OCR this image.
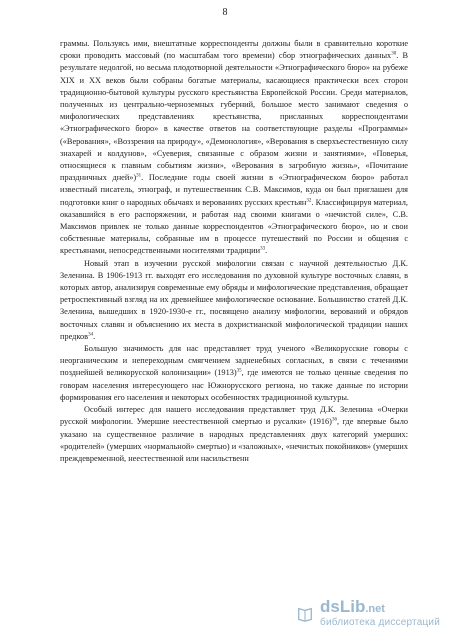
8

граммы. Пользуясь ими, внештатные корреспонденты должны были в сравнительно короткие сроки проводить массовый (по масштабам того времени) сбор этнографических данных$^{30}$. В результате недолгой, но весьма плодотворной деятельности «Этнографического бюро» на рубеже XIX и XX веков были собраны богатые материалы, касающиеся практически всех сторон традиционно-бытовой культуры русского крестьянства Европейской России. Среди материалов, полученных из центрально-черноземных губерний, большое место занимают сведения о мифологических представлениях крестьянства, присланных корреспондентами «Этнографического бюро» в качестве ответов на соответствующие разделы «Программы» («Верования», «Воззрения на природу», «Демонология», «Верования в сверхъестественную силу знахарей и колдунов», «Суеверия, связанные с образом жизни и занятиями», «Поверья, относящиеся к главным событиям жизни», «Верования в загробную жизнь», «Почитание праздничных дней»)$^{31}$. Последние годы своей жизни в «Этнографическом бюро» работал известный писатель, этнограф, и путешественник С.В. Максимов, куда он был приглашен для подготовки книг о народных обычаях и верованиях русских крестьян$^{32}$. Классифицируя материал, оказавшийся в его распоряжении, и работая над своими книгами о «нечистой силе», С.В. Максимов привлек не только данные корреспондентов «Этнографического бюро», но и свои собственные материалы, собранные им в процессе путешествий по России и общения с крестьянами, непосредственными носителями традиции$^{33}$.

Новый этап в изучении русской мифологии связан с научной деятельностью Д.К. Зеленина. В 1906-1913 гг. выходят его исследования по духовной культуре восточных славян, в которых автор, анализируя современные ему обряды и мифологические представления, обращает ретроспективный взгляд на их древнейшее мифологическое основание. Большинство статей Д.К. Зеленина, вышедших в 1920-1930-е гг., посвящено анализу мифологии, верований и обрядов восточных славян и объяснению их места в дохристианской мифологической традиции наших предков$^{34}$.

Большую значимость для нас представляет труд ученого «Великорусские говоры с неорганическим и непереходным смягчением задненебных согласных, в связи с течениями позднейшей великорусской колонизации» $(1913)^{35}$, где имеются не только ценные сведения по говорам населения интересующего нас Южнорусского региона, но также данные по истории формирования его населения и некоторых особенностях традиционной культуры.

Особый интерес для нашего исследования представляет труд Д.К. Зеленина «Очерки русской мифологии. Умершие неестественной смертью и русалки» $(1916)^{36}$, где впервые было указано на существенное различие в народных представлениях двух категорий умерших: «родителей» (умерших «нормальной» смертью) и «заложных», «нечистых покойников» (умерших преждевременной, неестественной или насильственн

dsLib.net
библиотека диссертаций
